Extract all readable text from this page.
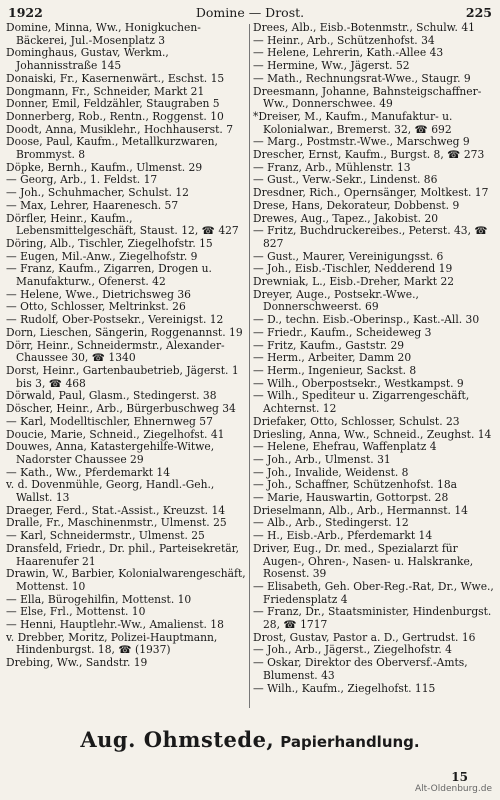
1922	Domine — Drost.	225

Domine, Minna, Ww., Honigkuchen-Bäckerei, Jul.-Mosenplatz 3

Dominghaus, Gustav, Werkm., Johannisstraße 145

Donaiski, Fr., Kasernenwärt., Eschst. 15

Dongmann, Fr., Schneider, Markt 21

Donner, Emil, Feldzähler, Staugraben 5

Donnerberg, Rob., Rentn., Roggenst. 10

Doodt, Anna, Musiklehr., Hochhauserst. 7

Doose, Paul, Kaufm., Metallkurzwaren, Brommyst. 8

Döpke, Bernh., Kaufm., Ulmenst. 29

— Georg, Arb., 1. Feldst. 17

— Joh., Schuhmacher, Schulst. 12

— Max, Lehrer, Haarenesch. 57

Dörfler, Heinr., Kaufm., Lebensmittelgeschäft, Staust. 12, ☎ 427

Döring, Alb., Tischler, Ziegelhofstr. 15

— Eugen, Mil.-Anw., Ziegelhofstr. 9

— Franz, Kaufm., Zigarren, Drogen u. Manufakturw., Ofenerst. 42

— Helene, Wwe., Dietrichsweg 36

— Otto, Schlosser, Meltrinkst. 26

— Rudolf, Ober-Postsekr., Vereinigst. 12

Dorn, Lieschen, Sängerin, Roggenannst. 19

Dörr, Heinr., Schneidermstr., Alexander-Chaussee 30, ☎ 1340

Dorst, Heinr., Gartenbaubetrieb, Jägerst. 1 bis 3, ☎ 468

Dörwald, Paul, Glasm., Stedingerst. 38

Döscher, Heinr., Arb., Bürgerbuschweg 34

— Karl, Modelltischler, Ehnernweg 57

Doucie, Marie, Schneid., Ziegelhofst. 41

Douwes, Anna, Katastergehilfe-Witwe, Nadorster Chaussee 29

— Kath., Ww., Pferdemarkt 14

v. d. Dovenmühle, Georg, Handl.-Geh., Wallst. 13

Draeger, Ferd., Stat.-Assist., Kreuzst. 14

Dralle, Fr., Maschinenmstr., Ulmenst. 25

— Karl, Schneidermstr., Ulmenst. 25

Dransfeld, Friedr., Dr. phil., Parteisekretär, Haarenufer 21

Drawin, W., Barbier, Kolonialwarengeschäft, Mottenst. 10

— Ella, Bürogehilfin, Mottenst. 10

— Else, Frl., Mottenst. 10

— Henni, Hauptlehr.-Ww., Amalienst. 18

v. Drebber, Moritz, Polizei-Hauptmann, Hindenburgst. 18, ☎ (1937)

Drebing, Ww., Sandstr. 19

Drees, Alb., Eisb.-Botenmstr., Schulw. 41

— Heinr., Arb., Schützenhofst. 34

— Helene, Lehrerin, Kath.-Allee 43

— Hermine, Ww., Jägerst. 52

— Math., Rechnungsrat-Wwe., Staugr. 9

Dreesmann, Johanne, Bahnsteigschaffner-Ww., Donnerschwee. 49

*Dreiser, M., Kaufm., Manufaktur- u. Kolonialwar., Bremerst. 32, ☎ 692

— Marg., Postmstr.-Wwe., Marschweg 9

Drescher, Ernst, Kaufm., Burgst. 8, ☎ 273

— Franz, Arb., Mühlenstr. 13

— Gust., Verw.-Sekr., Lindenst. 86

Dresdner, Rich., Opernsänger, Moltkest. 17

Drese, Hans, Dekorateur, Dobbenst. 9

Drewes, Aug., Tapez., Jakobist. 20

— Fritz, Buchdruckereibes., Peterst. 43, ☎ 827

— Gust., Maurer, Vereinigungsst. 6

— Joh., Eisb.-Tischler, Nedderend 19

Drewniak, L., Eisb.-Dreher, Markt 22

Dreyer, Auge., Postsekr.-Wwe., Donnerschweerst. 69

— D., techn. Eisb.-Oberinsp., Kast.-All. 30

— Friedr., Kaufm., Scheideweg 3

— Fritz, Kaufm., Gaststr. 29

— Herm., Arbeiter, Damm 20

— Herm., Ingenieur, Sackst. 8

— Wilh., Oberpostsekr., Westkampst. 9

— Wilh., Spediteur u. Zigarrengeschäft, Achternst. 12

Driefaker, Otto, Schlosser, Schulst. 23

Driesling, Anna, Ww., Schneid., Zeughst. 14

— Helene, Ehefrau, Waffenplatz 4

— Joh., Arb., Ulmenst. 31

— Joh., Invalide, Weidenst. 8

— Joh., Schaffner, Schützenhofst. 18a

— Marie, Hauswartin, Gottorpst. 28

Drieselmann, Alb., Arb., Hermannst. 14

— Alb., Arb., Stedingerst. 12

— H., Eisb.-Arb., Pferdemarkt 14

Driver, Eug., Dr. med., Spezialarzt für Augen-, Ohren-, Nasen- u. Halskranke, Rosenst. 39

— Elisabeth, Geh. Ober-Reg.-Rat, Dr., Wwe., Friedensplatz 4

— Franz, Dr., Staatsminister, Hindenburgst. 28, ☎ 1717

Drost, Gustav, Pastor a. D., Gertrudst. 16

— Joh., Arb., Jägerst., Ziegelhofstr. 4

— Oskar, Direktor des Oberversf.-Amts, Blumenst. 43

— Wilh., Kaufm., Ziegelhofst. 115

Aug. Ohmstede, Papierhandlung.
15
Alt-Oldenburg.de
